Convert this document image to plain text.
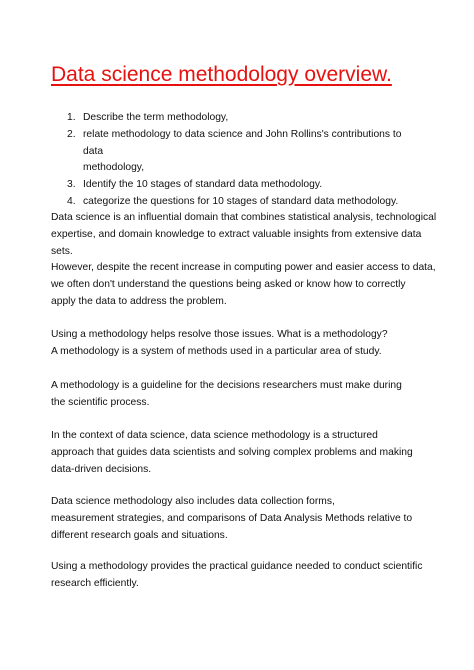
Data science methodology overview.
1. Describe the term methodology,
2. relate methodology to data science and John Rollins's contributions to data
methodology,
3. Identify the 10 stages of standard data methodology.
4. categorize the questions for 10 stages of standard data methodology.

Data science is an influential domain that combines statistical analysis, technological
expertise, and domain knowledge to extract valuable insights from extensive data
sets.
However, despite the recent increase in computing power and easier access to data,
we often don't understand the questions being asked or know how to correctly
apply the data to address the problem.

Using a methodology helps resolve those issues. What is a methodology?
A methodology is a system of methods used in a particular area of study.

A methodology is a guideline for the decisions researchers must make during
the scientific process.

In the context of data science, data science methodology is a structured
approach that guides data scientists and solving complex problems and making
data-driven decisions.

Data science methodology also includes data collection forms,
measurement strategies, and comparisons of Data Analysis Methods relative to
different research goals and situations.

Using a methodology provides the practical guidance needed to conduct scientific
research efficiently.
